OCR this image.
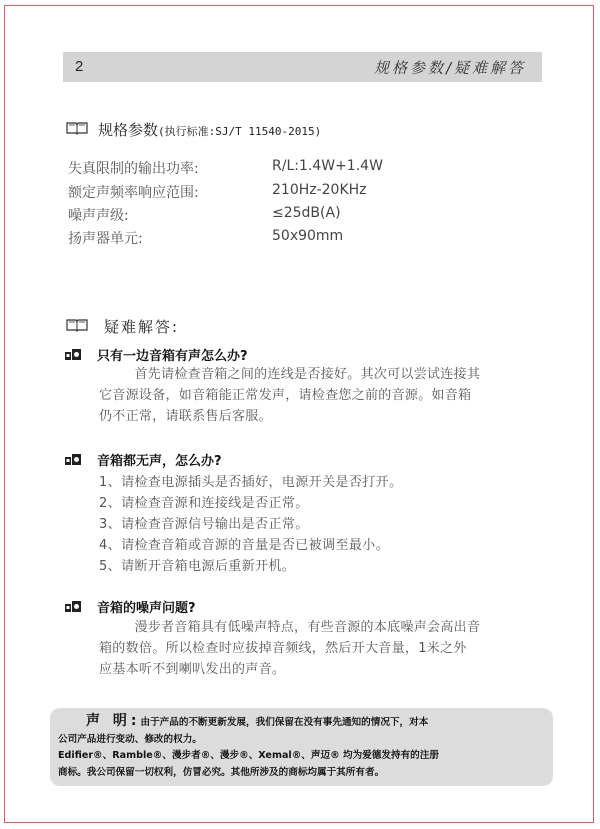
2	规格参数/疑难解答
规格参数(执行标准:SJ/T 11540-2015)
失真限制的输出功率:	R/L:1.4W+1.4W
额定声频率响应范围:	210Hz-20KHz
噪声声级:	≤25dB(A)
扬声器单元:	50x90mm
疑难解答:
只有一边音箱有声怎么办?
首先请检查音箱之间的连线是否接好。其次可以尝试连接其
它音源设备，如音箱能正常发声，请检查您之前的音源。如音箱
仍不正常，请联系售后客服。
音箱都无声，怎么办?
1、请检查电源插头是否插好，电源开关是否打开。
2、请检查音源和连接线是否正常。
3、请检查音源信号输出是否正常。
4、请检查音箱或音源的音量是否已被调至最小。
5、请断开音箱电源后重新开机。
音箱的噪声问题?
漫步者音箱具有低噪声特点，有些音源的本底噪声会高出音
箱的数倍。所以检查时应拔掉音频线，然后开大音量，1米之外
应基本听不到喇叭发出的声音。
声 明:由于产品的不断更新发展，我们保留在没有事先通知的情况下，对本
公司产品进行变动、修改的权力。
Edifier®、Ramble®、漫步者®、漫步®、Xemal®、声迈® 均为爱德发持有的注册
商标。我公司保留一切权利，仿冒必究。其他所涉及的商标均属于其所有者。
